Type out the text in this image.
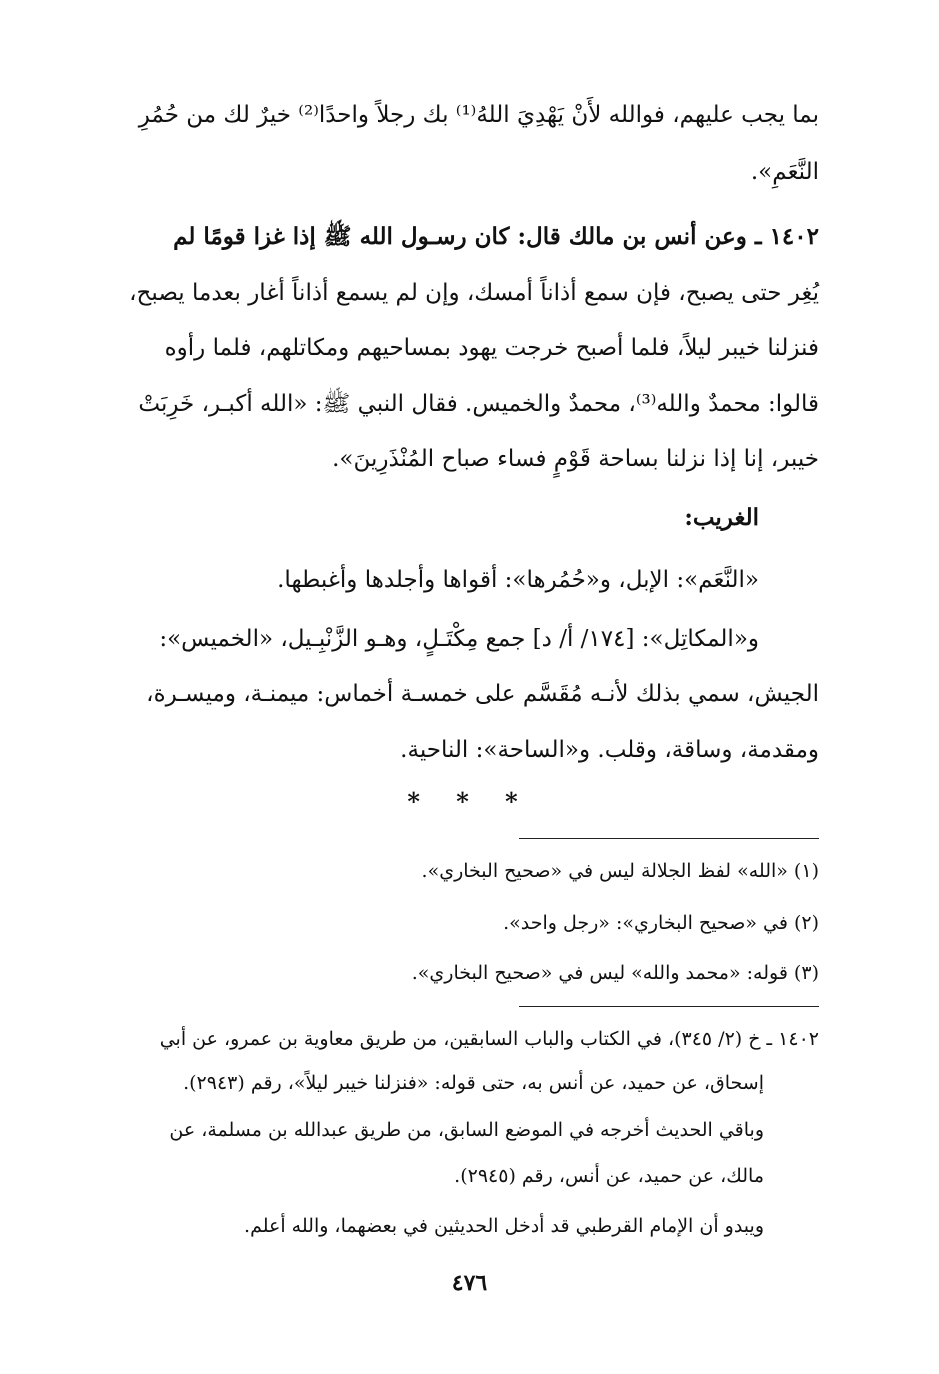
بما يجب عليهم، فوالله لأَنْ يَهْدِيَ اللهُ⁽¹⁾ بك رجلاً واحدًا⁽²⁾ خيرٌ لك من حُمُرِ
النَّعَمِ».
١٤٠٢ ـ وعن أنس بن مالك قال: كان رسـول الله ﷺ إذا غزا قومًا لم
يُغِر حتى يصبح، فإن سمع أذاناً أمسك، وإن لم يسمع أذاناً أغار بعدما يصبح،
فنزلنا خيبر ليلاً، فلما أصبح خرجت يهود بمساحيهم ومكاتلهم، فلما رأوه
قالوا: محمدٌ والله⁽³⁾، محمدٌ والخميس. فقال النبي ﷺ: «الله أكبـر، خَرِبَتْ
خيبر، إنا إذا نزلنا بساحة قَوْمٍ فساء صباح المُنْذَرِينَ».
الغريب:
«النَّعَم»: الإبل، و«حُمُرها»: أقواها وأجلدها وأغبطها.
و«المكاتِل»: [١٧٤/ أ/ د] جمع مِكْتَـلٍ، وهـو الزَّنْبِـيل، «الخميس»:
الجيش، سمي بذلك لأنـه مُقَسَّم على خمسـة أخماس: ميمنـة، وميسـرة،
ومقدمة، وساقة، وقلب. و«الساحة»: الناحية.
* * *
(١) «الله» لفظ الجلالة ليس في «صحيح البخاري».
(٢) في «صحيح البخاري»: «رجل واحد».
(٣) قوله: «محمد والله» ليس في «صحيح البخاري».
١٤٠٢ ـ خ (٢/ ٣٤٥)، في الكتاب والباب السابقين، من طريق معاوية بن عمرو، عن أبي
إسحاق، عن حميد، عن أنس به، حتى قوله: «فنزلنا خيبر ليلاً»، رقم (٢٩٤٣).
وباقي الحديث أخرجه في الموضع السابق، من طريق عبدالله بن مسلمة، عن
مالك، عن حميد، عن أنس، رقم (٢٩٤٥).
ويبدو أن الإمام القرطبي قد أدخل الحديثين في بعضهما، والله أعلم.
٤٧٦
